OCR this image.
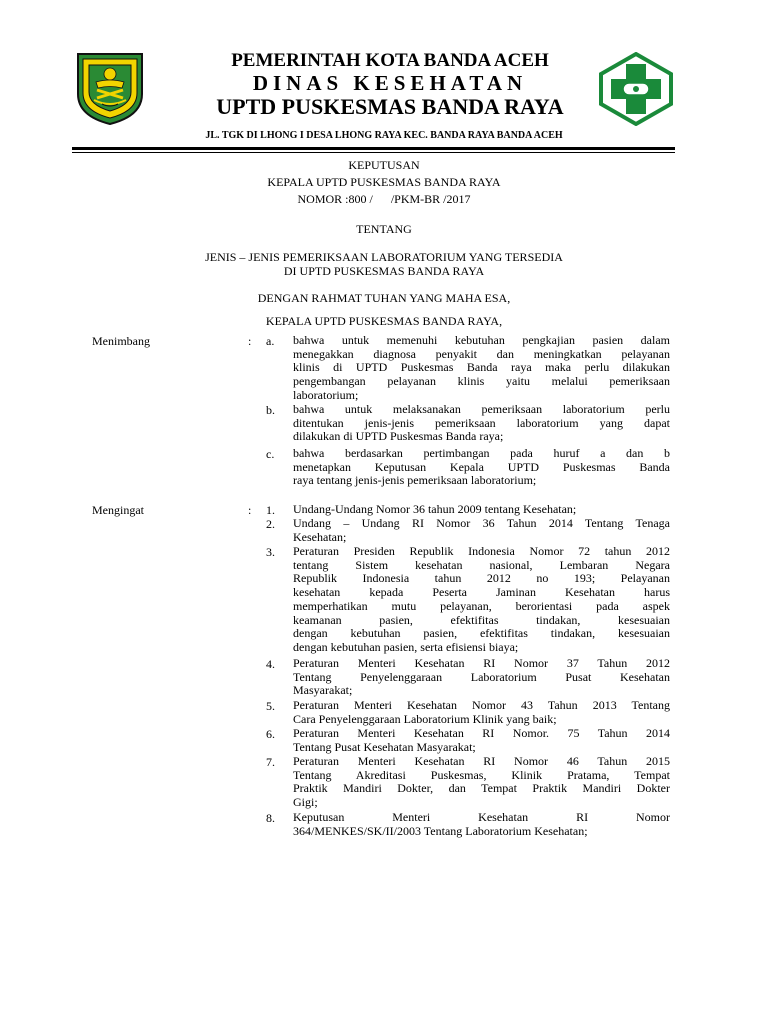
PEMERINTAH KOTA BANDA ACEH
DINAS KESEHATAN
UPTD PUSKESMAS BANDA RAYA
JL. TGK DI LHONG I DESA LHONG RAYA KEC. BANDA RAYA BANDA ACEH
KEPUTUSAN
KEPALA UPTD PUSKESMAS BANDA RAYA
NOMOR :800 /      /PKM-BR /2017
TENTANG
JENIS – JENIS PEMERIKSAAN LABORATORIUM YANG TERSEDIA
DI UPTD PUSKESMAS BANDA RAYA
DENGAN RAHMAT TUHAN YANG MAHA ESA,
KEPALA UPTD PUSKESMAS BANDA RAYA,
Menimbang	: a. bahwa untuk memenuhi kebutuhan pengkajian pasien dalam
menegakkan diagnosa penyakit dan meningkatkan pelayanan
klinis di UPTD Puskesmas Banda raya maka perlu dilakukan
pengembangan pelayanan klinis yaitu melalui pemeriksaan
laboratorium;
b. bahwa untuk melaksanakan pemeriksaan laboratorium perlu
ditentukan jenis-jenis pemeriksaan laboratorium yang dapat
dilakukan di UPTD Puskesmas Banda raya;
c. bahwa berdasarkan pertimbangan pada huruf a dan b
menetapkan Keputusan Kepala UPTD Puskesmas Banda
raya tentang jenis-jenis pemeriksaan laboratorium;
Mengingat	: 1. Undang-Undang Nomor 36 tahun 2009 tentang Kesehatan;
2. Undang – Undang RI Nomor 36 Tahun 2014 Tentang Tenaga
Kesehatan;
3. Peraturan Presiden Republik Indonesia Nomor 72 tahun 2012
tentang Sistem kesehatan nasional, Lembaran Negara
Republik Indonesia tahun 2012 no 193; Pelayanan
kesehatan kepada Peserta Jaminan Kesehatan harus
memperhatikan mutu pelayanan, berorientasi pada aspek
keamanan pasien, efektifitas tindakan, kesesuaian
dengan kebutuhan pasien, efektifitas tindakan, kesesuaian
dengan kebutuhan pasien, serta efisiensi biaya;
4. Peraturan Menteri Kesehatan RI Nomor 37 Tahun 2012
Tentang Penyelenggaraan Laboratorium Pusat Kesehatan
Masyarakat;
5. Peraturan Menteri Kesehatan Nomor 43 Tahun 2013 Tentang
Cara Penyelenggaraan Laboratorium Klinik yang baik;
6. Peraturan Menteri Kesehatan RI Nomor. 75 Tahun 2014
Tentang Pusat Kesehatan Masyarakat;
7. Peraturan Menteri Kesehatan RI Nomor 46 Tahun 2015
Tentang Akreditasi Puskesmas, Klinik Pratama, Tempat
Praktik Mandiri Dokter, dan Tempat Praktik Mandiri Dokter
Gigi;
8. Keputusan Menteri Kesehatan RI Nomor
364/MENKES/SK/II/2003 Tentang Laboratorium Kesehatan;
